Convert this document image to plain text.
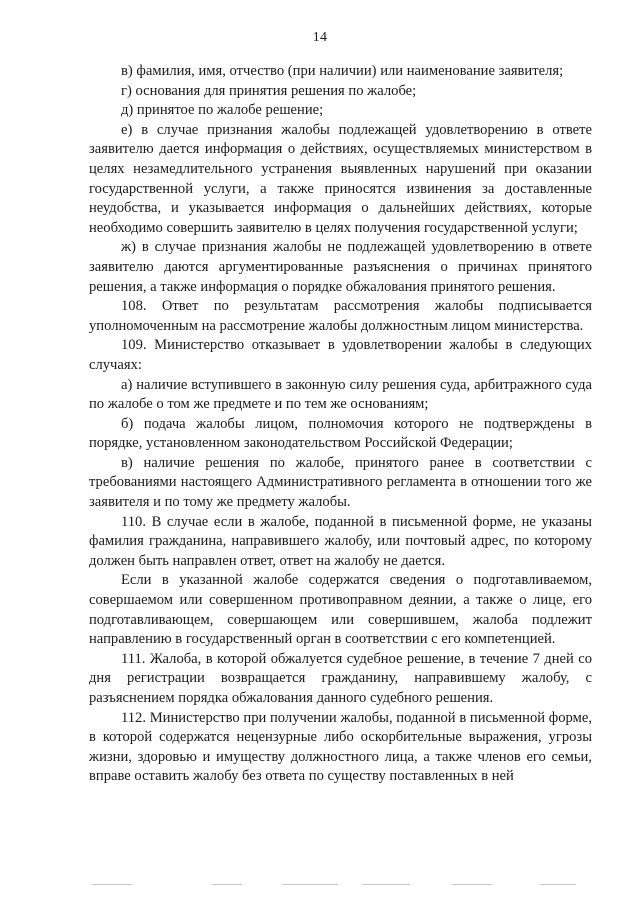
14

в) фамилия, имя, отчество (при наличии) или наименование заявителя;

г) основания для принятия решения по жалобе;

д) принятое по жалобе решение;

е) в случае признания жалобы подлежащей удовлетворению в ответе заявителю дается информация о действиях, осуществляемых министерством в целях незамедлительного устранения выявленных нарушений при оказании государственной услуги, а также приносятся извинения за доставленные неудобства, и указывается информация о дальнейших действиях, которые необходимо совершить заявителю в целях получения государственной услуги;

ж) в случае признания жалобы не подлежащей удовлетворению в ответе заявителю даются аргументированные разъяснения о причинах принятого решения, а также информация о порядке обжалования принятого решения.

108. Ответ по результатам рассмотрения жалобы подписывается уполномоченным на рассмотрение жалобы должностным лицом министерства.

109. Министерство отказывает в удовлетворении жалобы в следующих случаях:

а) наличие вступившего в законную силу решения суда, арбитражного суда по жалобе о том же предмете и по тем же основаниям;

б) подача жалобы лицом, полномочия которого не подтверждены в порядке, установленном законодательством Российской Федерации;

в) наличие решения по жалобе, принятого ранее в соответствии с требованиями настоящего Административного регламента в отношении того же заявителя и по тому же предмету жалобы.

110. В случае если в жалобе, поданной в письменной форме, не указаны фамилия гражданина, направившего жалобу, или почтовый адрес, по которому должен быть направлен ответ, ответ на жалобу не дается.

Если в указанной жалобе содержатся сведения о подготавливаемом, совершаемом или совершенном противоправном деянии, а также о лице, его подготавливающем, совершающем или совершившем, жалоба подлежит направлению в государственный орган в соответствии с его компетенцией.

111. Жалоба, в которой обжалуется судебное решение, в течение 7 дней со дня регистрации возвращается гражданину, направившему жалобу, с разъяснением порядка обжалования данного судебного решения.

112. Министерство при получении жалобы, поданной в письменной форме, в которой содержатся нецензурные либо оскорбительные выражения, угрозы жизни, здоровью и имуществу должностного лица, а также членов его семьи, вправе оставить жалобу без ответа по существу поставленных в ней
